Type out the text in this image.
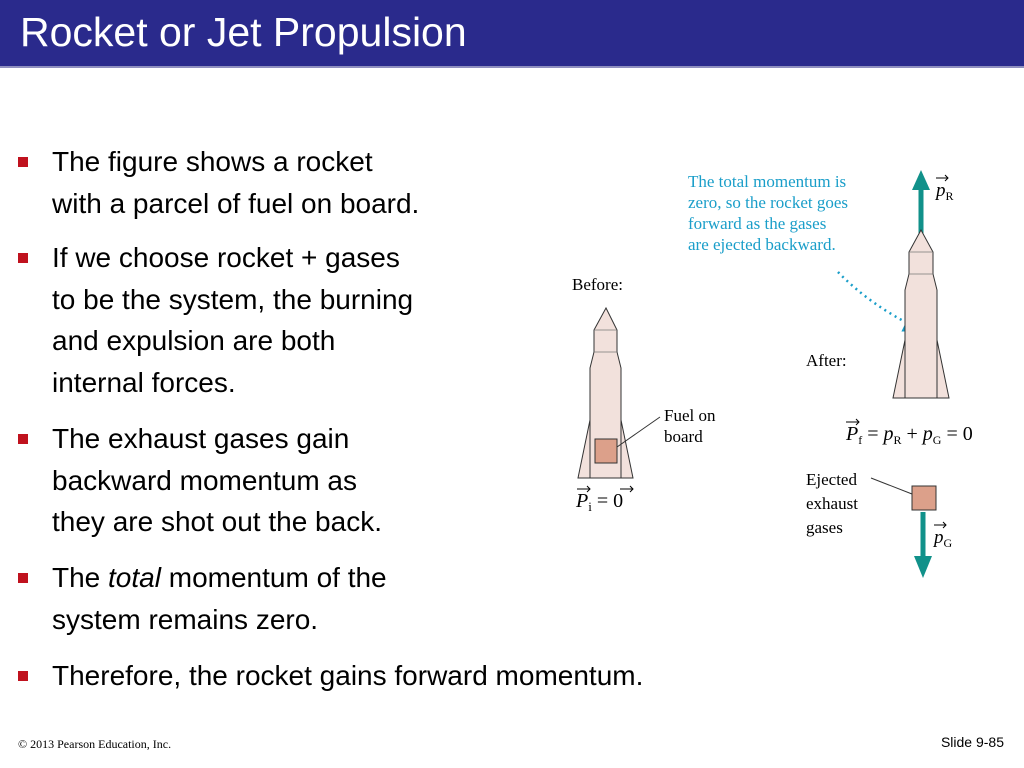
Rocket or Jet Propulsion
The figure shows a rocket
with a parcel of fuel on board.
If we choose rocket + gases
to be the system, the burning
and expulsion are both
internal forces.
The exhaust gases gain
backward momentum as
they are shot out the back.
The total momentum of the
system remains zero.
Therefore, the rocket gains forward momentum.
The total momentum is zero, so the rocket goes forward as the gases are ejected backward.
Before:
Fuel on board
$P_i = 0$
After:
$p_R$
$P_f = p_R + p_G = 0$
Ejected exhaust gases	$p_G$
© 2013 Pearson Education, Inc.	Slide 9-85
